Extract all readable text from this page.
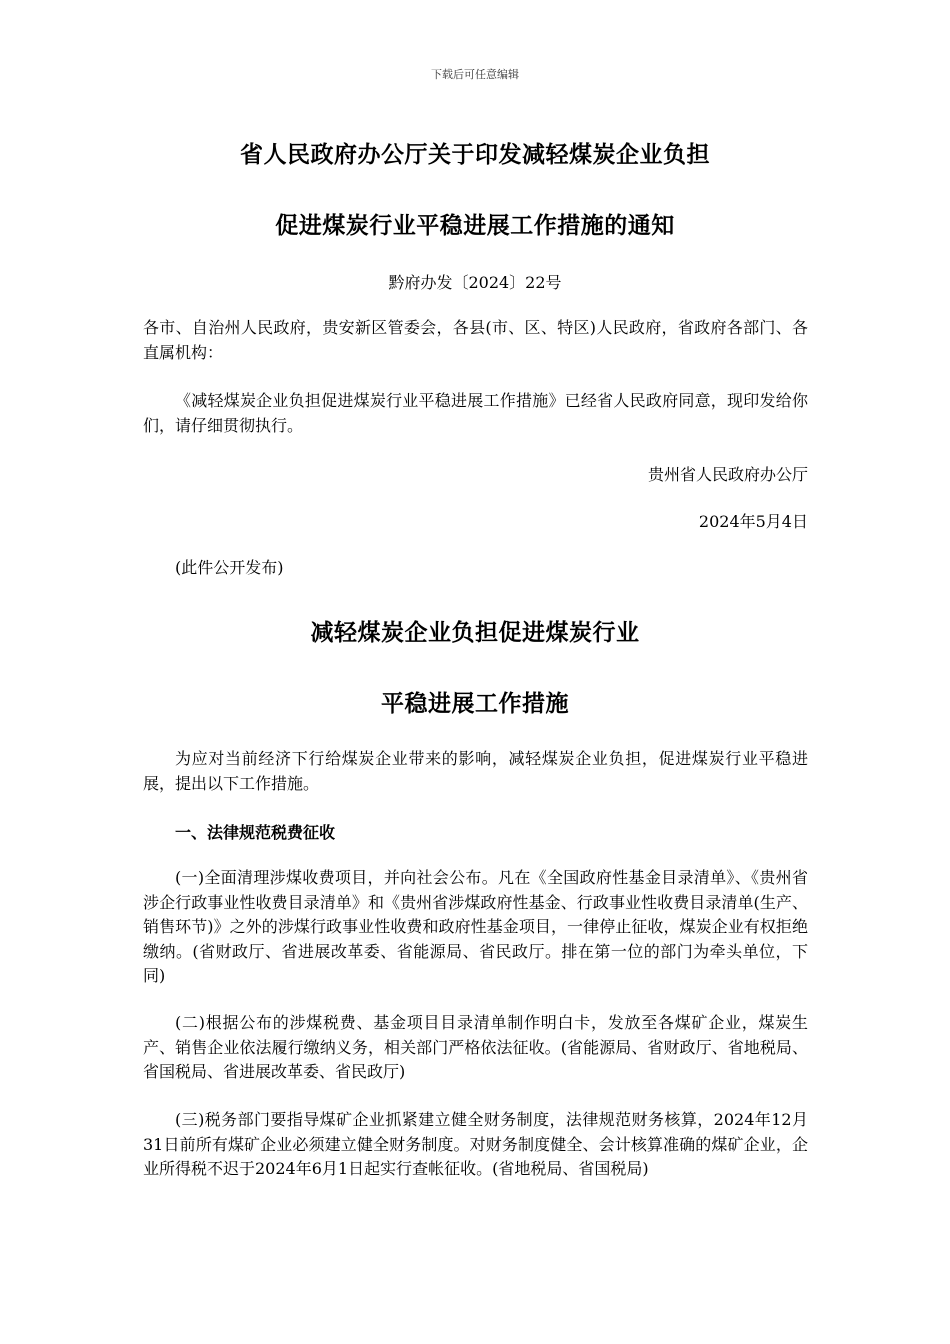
下载后可任意编辑
省人民政府办公厅关于印发减轻煤炭企业负担
促进煤炭行业平稳进展工作措施的通知
黔府办发〔2024〕22号
各市、自治州人民政府，贵安新区管委会，各县(市、区、特区)人民政府，省政府各部门、各直属机构：
《减轻煤炭企业负担促进煤炭行业平稳进展工作措施》已经省人民政府同意，现印发给你们，请仔细贯彻执行。
贵州省人民政府办公厅
2024年5月4日
(此件公开发布)
减轻煤炭企业负担促进煤炭行业
平稳进展工作措施
为应对当前经济下行给煤炭企业带来的影响，减轻煤炭企业负担，促进煤炭行业平稳进展，提出以下工作措施。
一、法律规范税费征收
(一)全面清理涉煤收费项目，并向社会公布。凡在《全国政府性基金目录清单》、《贵州省涉企行政事业性收费目录清单》和《贵州省涉煤政府性基金、行政事业性收费目录清单(生产、销售环节)》之外的涉煤行政事业性收费和政府性基金项目，一律停止征收，煤炭企业有权拒绝缴纳。(省财政厅、省进展改革委、省能源局、省民政厅。排在第一位的部门为牵头单位，下同)
(二)根据公布的涉煤税费、基金项目目录清单制作明白卡，发放至各煤矿企业，煤炭生产、销售企业依法履行缴纳义务，相关部门严格依法征收。(省能源局、省财政厅、省地税局、省国税局、省进展改革委、省民政厅)
(三)税务部门要指导煤矿企业抓紧建立健全财务制度，法律规范财务核算，2024年12月31日前所有煤矿企业必须建立健全财务制度。对财务制度健全、会计核算准确的煤矿企业，企业所得税不迟于2024年6月1日起实行查帐征收。(省地税局、省国税局)
